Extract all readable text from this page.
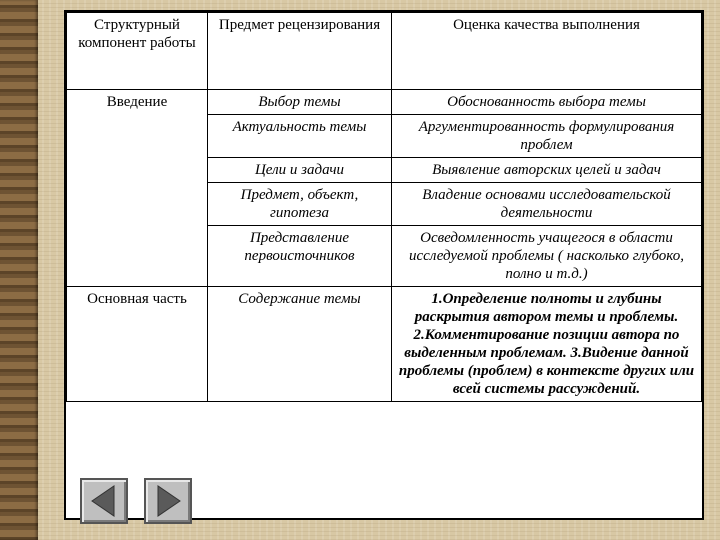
Структурный компонент работы	Предмет рецензирования	Оценка качества выполнения
Введение	Выбор темы	Обоснованность выбора темы
	Актуальность темы	Аргументированность формулирования проблем
	Цели и задачи	Выявление авторских целей и задач
	Предмет, объект, гипотеза	Владение основами исследовательской деятельности
	Представление первоисточников	Осведомленность учащегося в области исследуемой проблемы ( насколько глубоко, полно и т.д.)
Основная часть	Содержание темы	1.Определение полноты и глубины раскрытия автором темы и проблемы. 2.Комментирование позиции автора по выделенным проблемам. 3.Видение данной проблемы (проблем) в контексте других или всей системы рассуждений.
